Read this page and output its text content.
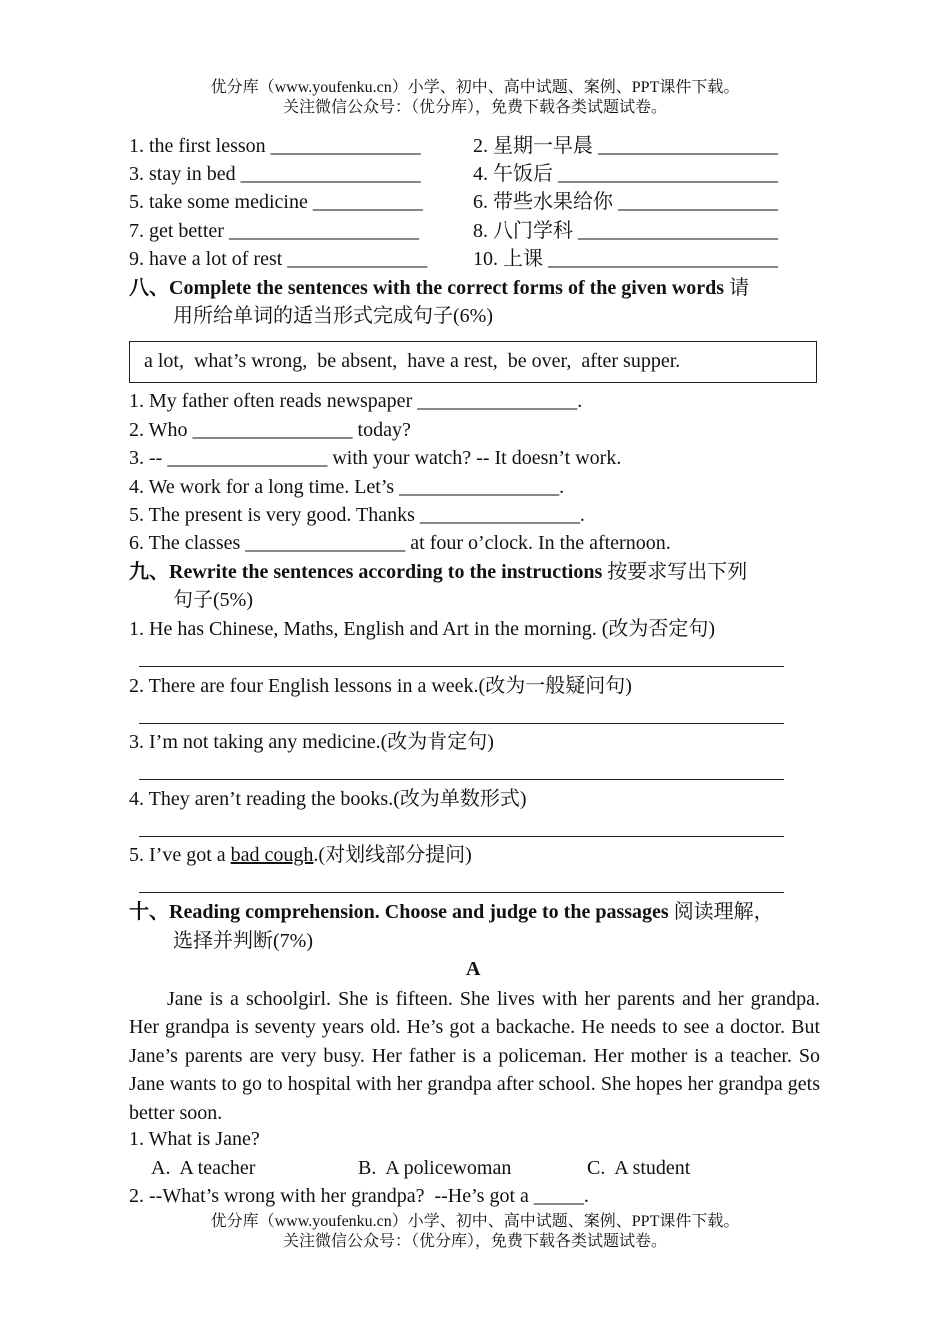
优分库（www.youfenku.cn）小学、初中、高中试题、案例、PPT课件下载。
关注微信公众号：（优分库），免费下载各类试题试卷。
1. the first lesson _______________	2. 星期一早晨 __________________
3. stay in bed __________________	4. 午饭后 ______________________
5. take some medicine ___________	6. 带些水果给你 ________________
7. get better ___________________	8. 八门学科 ____________________
9. have a lot of rest ______________ 10. 上课 _______________________
八、Complete the sentences with the correct forms of the given words 请
用所给单词的适当形式完成句子(6%)
a lot,  what’s wrong,  be absent,  have a rest,  be over,  after supper.
1. My father often reads newspaper ________________.
2. Who ________________ today?
3. -- ________________ with your watch? -- It doesn’t work.
4. We work for a long time. Let’s ________________.
5. The present is very good. Thanks ________________.
6. The classes ________________ at four o’clock. In the afternoon.
九、Rewrite the sentences according to the instructions 按要求写出下列
句子(5%)
1. He has Chinese, Maths, English and Art in the morning. (改为否定句)
2. There are four English lessons in a week.(改为一般疑问句)
3. I’m not taking any medicine.(改为肯定句)
4. They aren’t reading the books.(改为单数形式)
5. I’ve got a bad cough.(对划线部分提问)
十、Reading comprehension. Choose and judge to the passages 阅读理解，
选择并判断(7%)
A
Jane is a schoolgirl. She is fifteen. She lives with her parents and her grandpa. Her grandpa is seventy years old. He’s got a backache. He needs to see a doctor. But Jane’s parents are very busy. Her father is a policeman. Her mother is a teacher. So Jane wants to go to hospital with her grandpa after school. She hopes her grandpa gets better soon.
1. What is Jane?
A.  A teacher	B.  A policewoman	C.  A student
2. --What’s wrong with her grandpa?  --He’s got a _____.
优分库（www.youfenku.cn）小学、初中、高中试题、案例、PPT课件下载。
关注微信公众号：（优分库），免费下载各类试题试卷。
